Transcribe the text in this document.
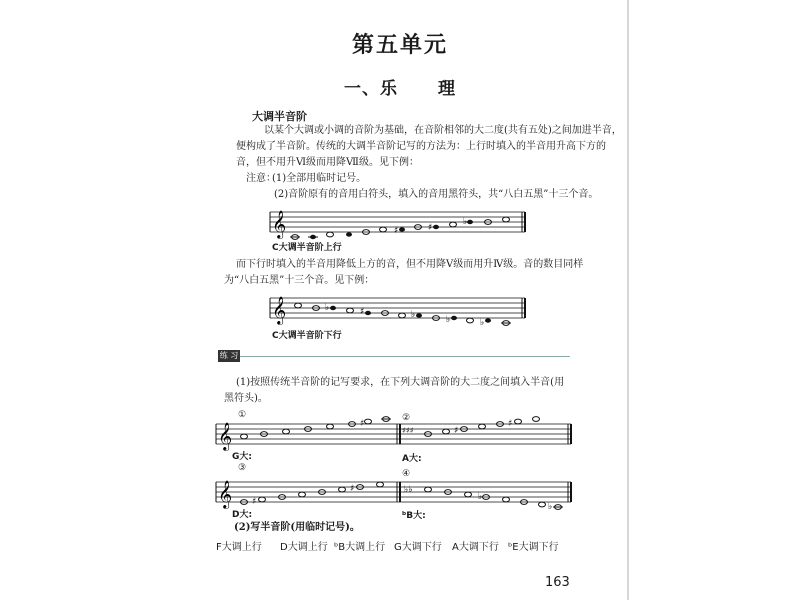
第五单元
一、乐 理
大调半音阶
以某个大调或小调的音阶为基础，在音阶相邻的大二度(共有五处)之间加进半音，
便构成了半音阶。传统的大调半音阶记写的方法为：上行时填入的半音用升高下方的
音，但不用升Ⅵ级而用降Ⅶ级。见下例：
注意：
(1)全部用临时记号。
(2)音阶原有的音用白符头，填入的音用黑符头，共“八白五黑”十三个音。
𝄞	♯	♯
♭
C大调半音阶上行
而下行时填入的半音用降低上方的音，但不用降Ⅴ级而用升Ⅳ级。音的数目同样
为“八白五黑”十三个音。见下例：
𝄞	♭	♯	♭	♭	♭
C大调半音阶下行
练 习
(1)按照传统半音阶的记写要求，在下列大调音阶的大二度之间填入半音(用
黑符头)。
①	②
𝄞	♯
♯♯♯	♯
♯
G大:	A大:
③
④
𝄞 ♯
♯	♭♭
♭
♭
D大:	ᵇB大:
(2)写半音阶(用临时记号)。
F大调上行 D大调上行 ᵇB大调上行 G大调下行 A大调下行 ᵇE大调下行
163
